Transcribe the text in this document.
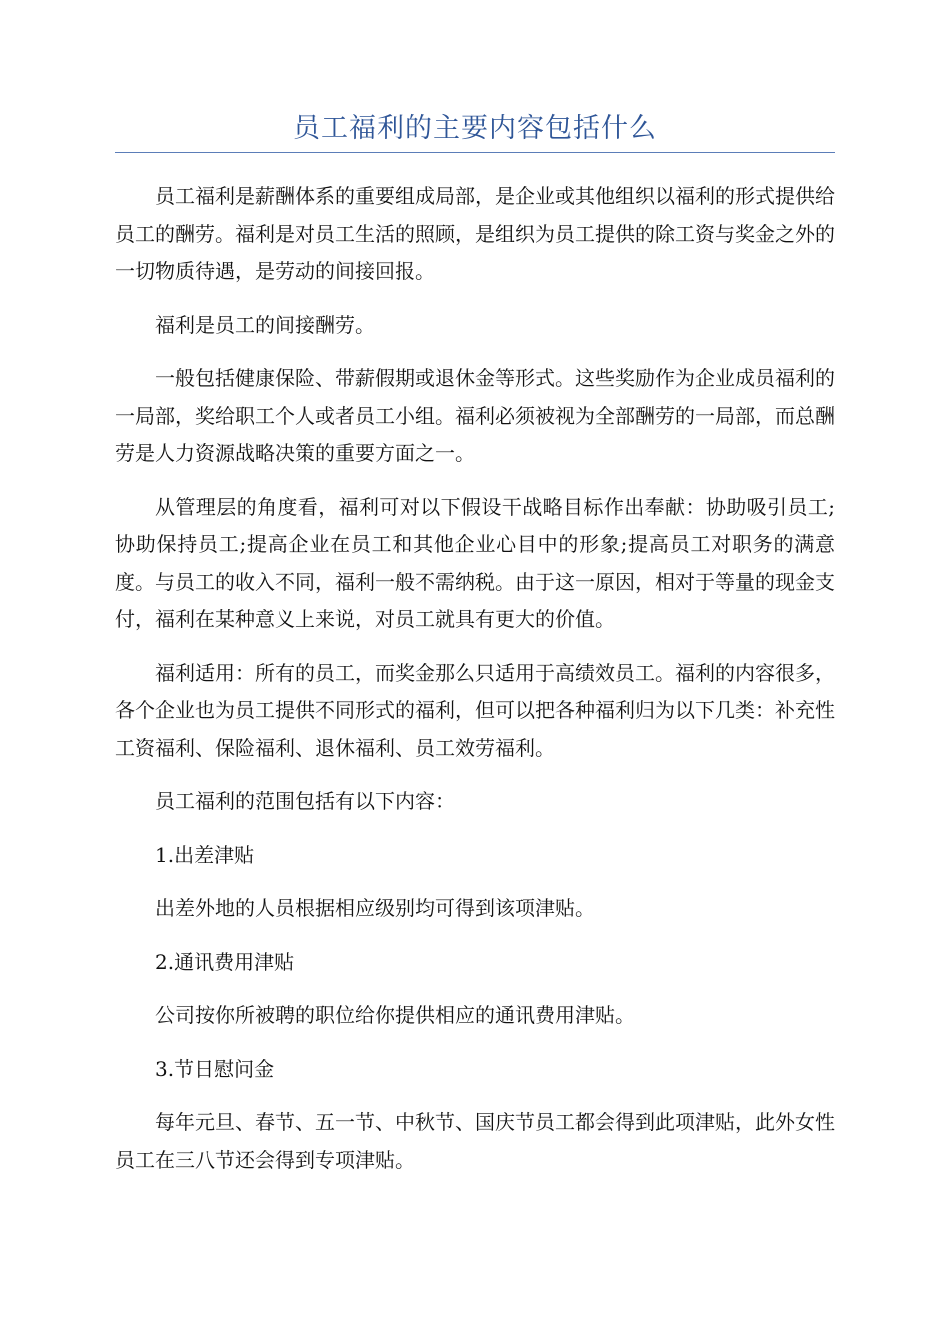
员工福利的主要内容包括什么

员工福利是薪酬体系的重要组成局部，是企业或其他组织以福利的形式提供给员工的酬劳。福利是对员工生活的照顾，是组织为员工提供的除工资与奖金之外的一切物质待遇，是劳动的间接回报。

福利是员工的间接酬劳。

一般包括健康保险、带薪假期或退休金等形式。这些奖励作为企业成员福利的一局部，奖给职工个人或者员工小组。福利必须被视为全部酬劳的一局部，而总酬劳是人力资源战略决策的重要方面之一。

从管理层的角度看，福利可对以下假设干战略目标作出奉献：协助吸引员工;协助保持员工;提高企业在员工和其他企业心目中的形象;提高员工对职务的满意度。与员工的收入不同，福利一般不需纳税。由于这一原因，相对于等量的现金支付，福利在某种意义上来说，对员工就具有更大的价值。

福利适用：所有的员工，而奖金那么只适用于高绩效员工。福利的内容很多，各个企业也为员工提供不同形式的福利，但可以把各种福利归为以下几类：补充性工资福利、保险福利、退休福利、员工效劳福利。

员工福利的范围包括有以下内容：

1.出差津贴

出差外地的人员根据相应级别均可得到该项津贴。

2.通讯费用津贴

公司按你所被聘的职位给你提供相应的通讯费用津贴。

3.节日慰问金

每年元旦、春节、五一节、中秋节、国庆节员工都会得到此项津贴，此外女性员工在三八节还会得到专项津贴。
